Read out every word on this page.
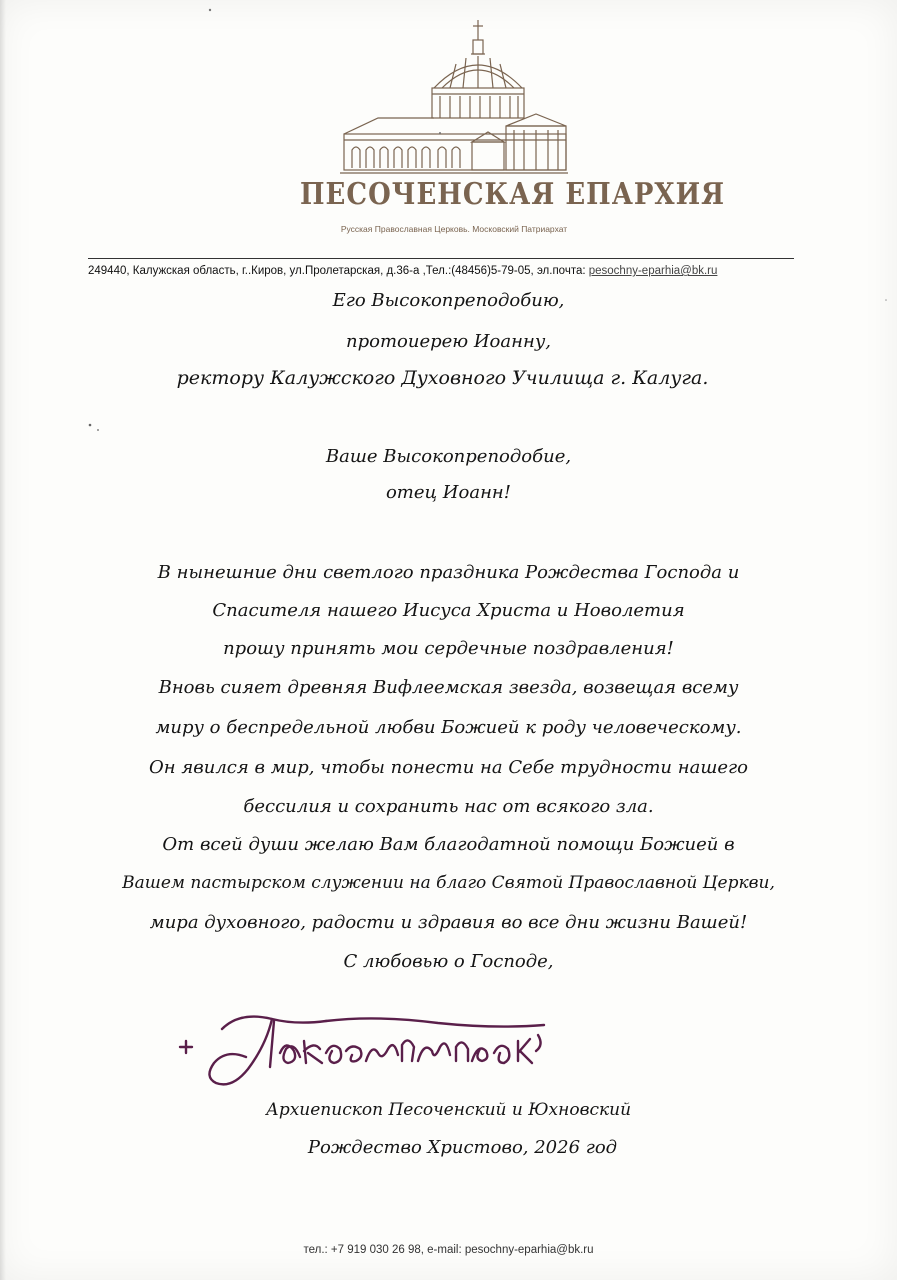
ПЕСОЧЕНСКАЯ ЕПАРХИЯ
Русская Православная Церковь. Московский Патриархат
249440, Калужская область, г..Киров, ул.Пролетарская, д.36-а ,Тел.:(48456)5-79-05, эл.почта: pesochny-eparhia@bk.ru
Его Высокопреподобию,
протоиерею Иоанну,
ректору Калужского Духовного Училища г. Калуга.
Ваше Высокопреподобие,
отец Иоанн!
В нынешние дни светлого праздника Рождества Господа и
Спасителя нашего Иисуса Христа и Новолетия
прошу принять мои сердечные поздравления!
Вновь сияет древняя Вифлеемская звезда, возвещая всему
миру о беспредельной любви Божией к роду человеческому.
Он явился в мир, чтобы понести на Себе трудности нашего
бессилия и сохранить нас от всякого зла.
От всей души желаю Вам благодатной помощи Божией в
Вашем пастырском служении на благо Святой Православной Церкви,
мира духовного, радости и здравия во все дни жизни Вашей!
С любовью о Господе,
Архиепископ Песоченский и Юхновский
Рождество Христово, 2026 год
тел.: +7 919 030 26 98, e-mail: pesochny-eparhia@bk.ru
